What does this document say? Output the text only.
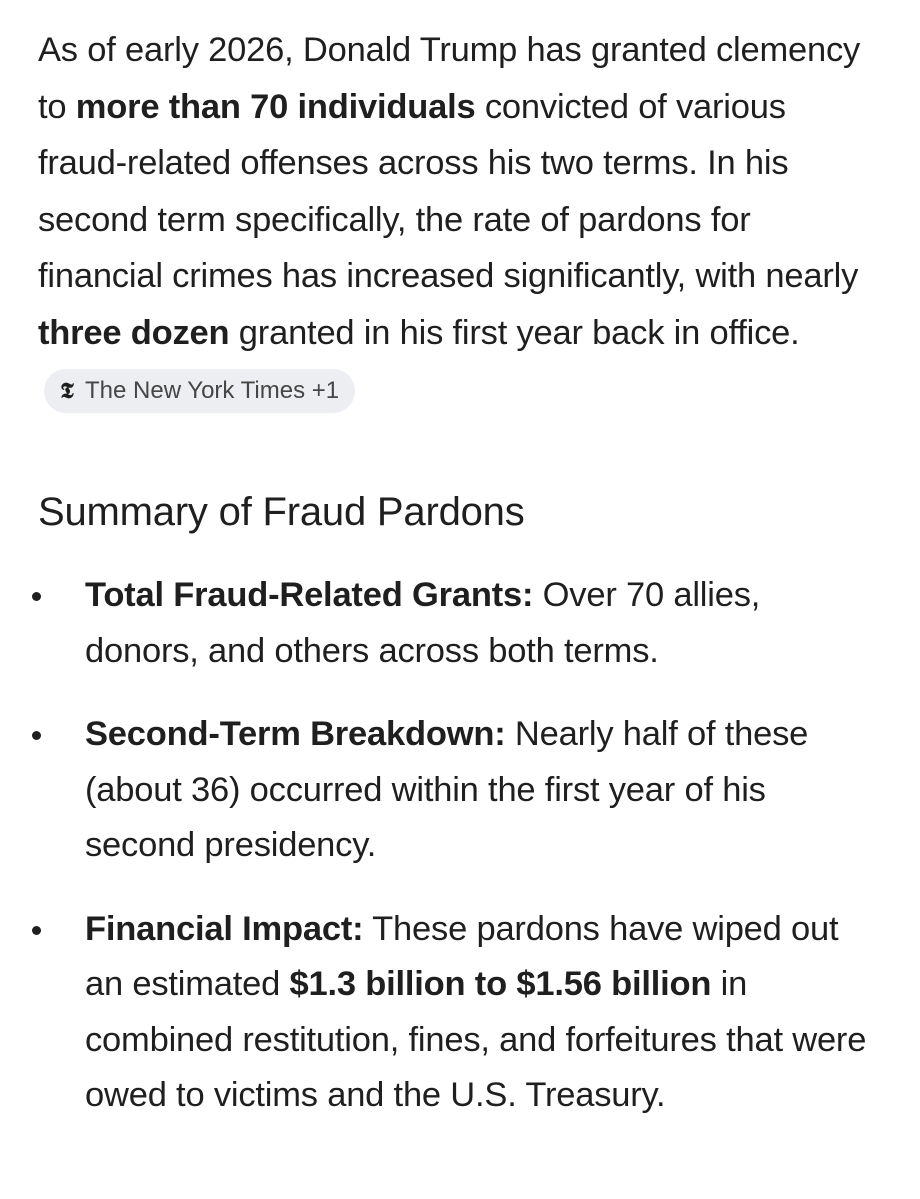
As of early 2026, Donald Trump has granted clemency to more than 70 individuals convicted of various fraud-related offenses across his two terms. In his second term specifically, the rate of pardons for financial crimes has increased significantly, with nearly three dozen granted in his first year back in office.
𝕿 The New York Times +1

Summary of Fraud Pardons
Total Fraud-Related Grants: Over 70 allies, donors, and others across both terms.
Second-Term Breakdown: Nearly half of these (about 36) occurred within the first year of his second presidency.
Financial Impact: These pardons have wiped out an estimated $1.3 billion to $1.56 billion in combined restitution, fines, and forfeitures that were owed to victims and the U.S. Treasury.
